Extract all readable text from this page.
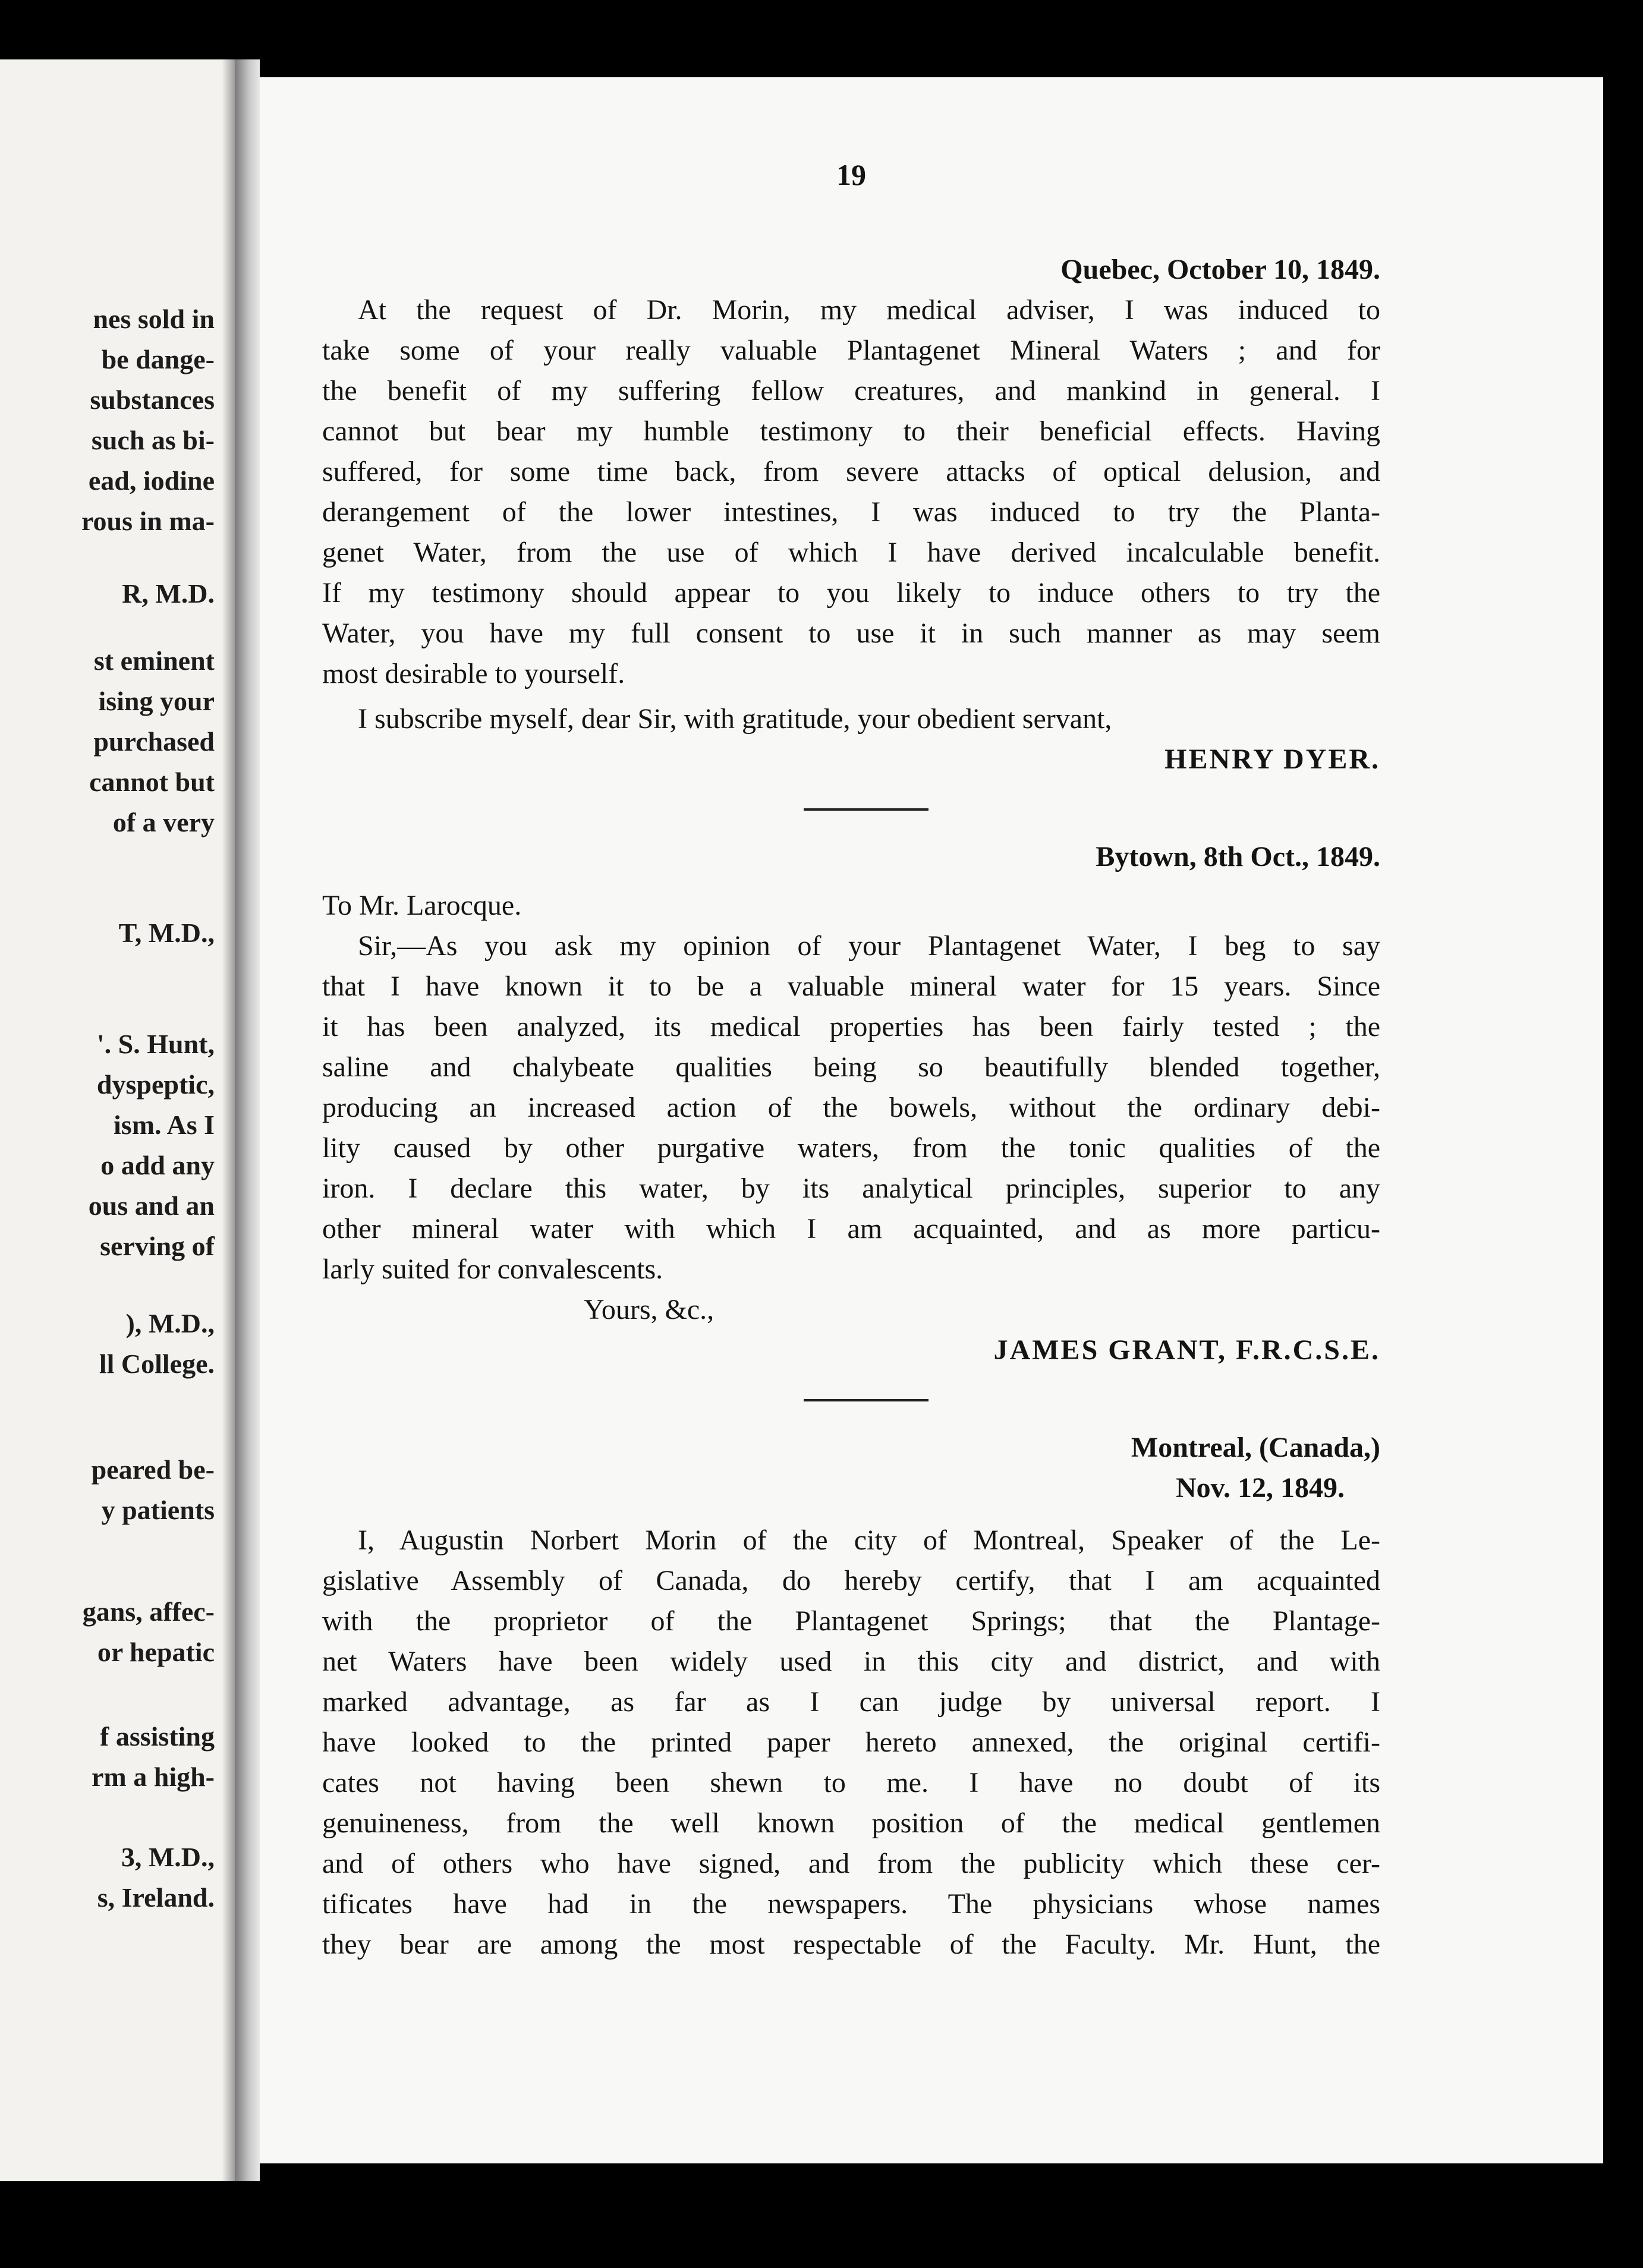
nes sold in
be dange-
substances
such as bi-
ead, iodine
rous in ma-
R, M.D.
st eminent
ising your
purchased
cannot but
of a very
T, M.D.,
'. S. Hunt,
dyspeptic,
ism. As I
o add any
ous and an
serving of
), M.D.,
ll College.
peared be-
y patients
gans, affec-
or hepatic
f assisting
rm a high-
3, M.D.,
s, Ireland.
19
Quebec, October 10, 1849.
At the request of Dr. Morin, my medical adviser, I was induced to
take some of your really valuable Plantagenet Mineral Waters ; and for
the benefit of my suffering fellow creatures, and mankind in general. I
cannot but bear my humble testimony to their beneficial effects. Having
suffered, for some time back, from severe attacks of optical delusion, and
derangement of the lower intestines, I was induced to try the Planta-
genet Water, from the use of which I have derived incalculable benefit.
If my testimony should appear to you likely to induce others to try the
Water, you have my full consent to use it in such manner as may seem
most desirable to yourself.
I subscribe myself, dear Sir, with gratitude, your obedient servant,
HENRY DYER.
Bytown, 8th Oct., 1849.
To Mr. Larocque.
Sir,—As you ask my opinion of your Plantagenet Water, I beg to say
that I have known it to be a valuable mineral water for 15 years. Since
it has been analyzed, its medical properties has been fairly tested ; the
saline and chalybeate qualities being so beautifully blended together,
producing an increased action of the bowels, without the ordinary debi-
lity caused by other purgative waters, from the tonic qualities of the
iron. I declare this water, by its analytical principles, superior to any
other mineral water with which I am acquainted, and as more particu-
larly suited for convalescents.
Yours, &c.,
JAMES GRANT, F.R.C.S.E.
Montreal, (Canada,)
Nov. 12, 1849.
I, Augustin Norbert Morin of the city of Montreal, Speaker of the Le-
gislative Assembly of Canada, do hereby certify, that I am acquainted
with the proprietor of the Plantagenet Springs; that the Plantage-
net Waters have been widely used in this city and district, and with
marked advantage, as far as I can judge by universal report. I
have looked to the printed paper hereto annexed, the original certifi-
cates not having been shewn to me. I have no doubt of its
genuineness, from the well known position of the medical gentlemen
and of others who have signed, and from the publicity which these cer-
tificates have had in the newspapers. The physicians whose names
they bear are among the most respectable of the Faculty. Mr. Hunt, the
